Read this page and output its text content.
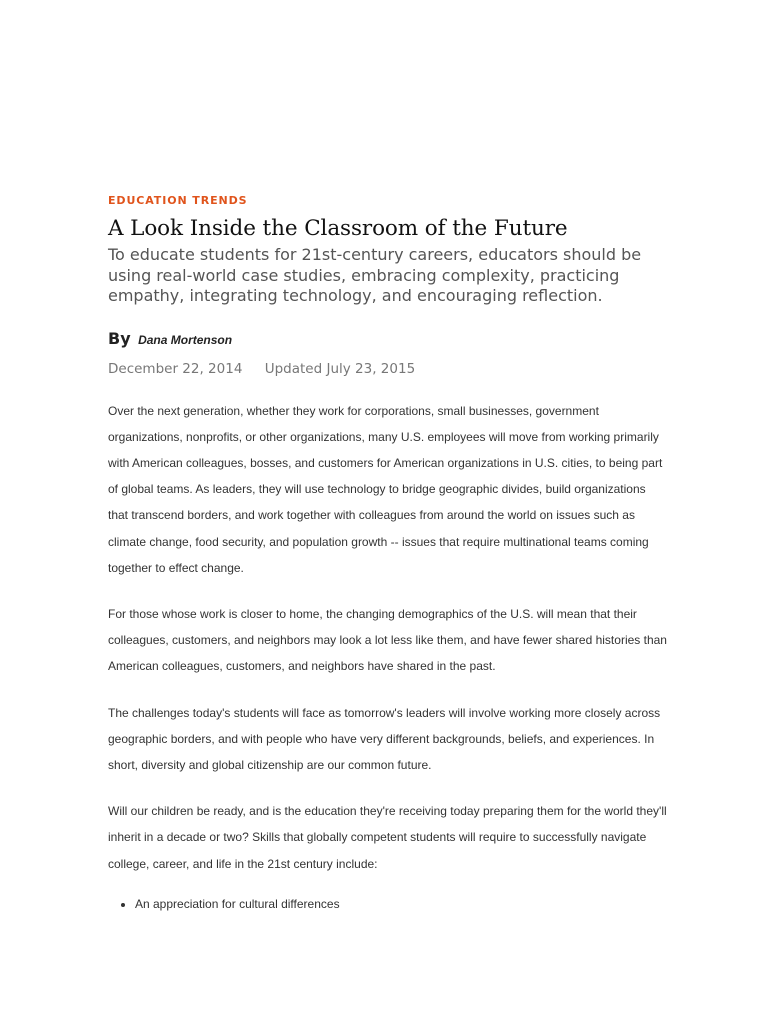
EDUCATION TRENDS
A Look Inside the Classroom of the Future

To educate students for 21st-century careers, educators should be using real-world case studies, embracing complexity, practicing empathy, integrating technology, and encouraging reflection.

By Dana Mortenson
December 22, 2014 Updated July 23, 2015

Over the next generation, whether they work for corporations, small businesses, government organizations, nonprofits, or other organizations, many U.S. employees will move from working primarily with American colleagues, bosses, and customers for American organizations in U.S. cities, to being part of global teams. As leaders, they will use technology to bridge geographic divides, build organizations that transcend borders, and work together with colleagues from around the world on issues such as climate change, food security, and population growth -- issues that require multinational teams coming together to effect change.

For those whose work is closer to home, the changing demographics of the U.S. will mean that their colleagues, customers, and neighbors may look a lot less like them, and have fewer shared histories than American colleagues, customers, and neighbors have shared in the past.

The challenges today's students will face as tomorrow's leaders will involve working more closely across geographic borders, and with people who have very different backgrounds, beliefs, and experiences. In short, diversity and global citizenship are our common future.

Will our children be ready, and is the education they're receiving today preparing them for the world they'll inherit in a decade or two? Skills that globally competent students will require to successfully navigate college, career, and life in the 21st century include:

• An appreciation for cultural differences
